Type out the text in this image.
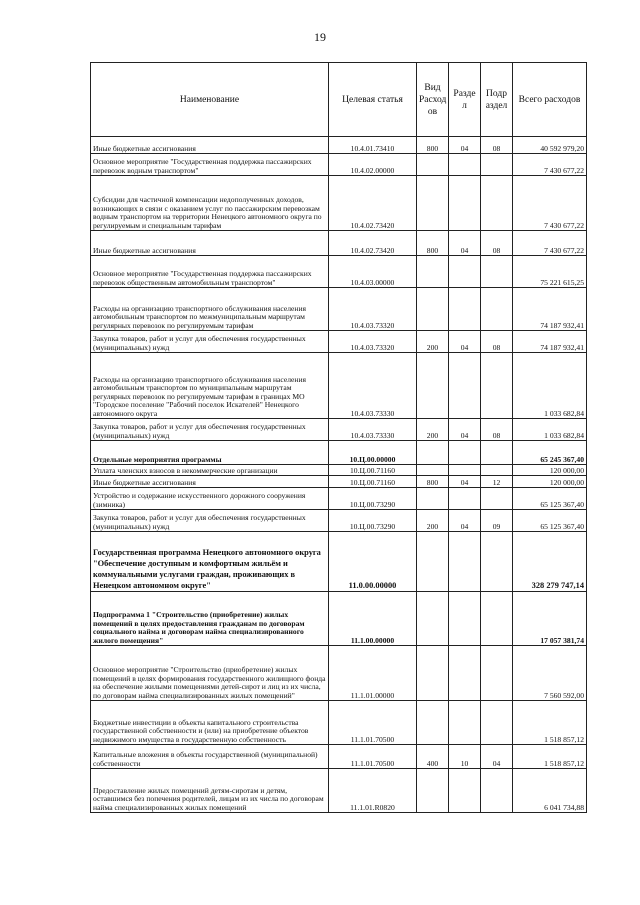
19
Наименование	Целевая статья	Вид Расход ов	Разде л	Подр аздел	Всего расходов
Иные бюджетные ассигнования	10.4.01.73410	800	04	08	40 592 979,20
Основное мероприятие "Государственная поддержка пассажирских перевозок водным транспортом"	10.4.02.00000				7 430 677,22
Субсидии для частичной компенсации недополученных доходов, возникающих в связи с оказанием услуг по пассажирским перевозкам водным транспортом на территории Ненецкого автономного округа по регулируемым и специальным тарифам	10.4.02.73420				7 430 677,22
Иные бюджетные ассигнования	10.4.02.73420	800	04	08	7 430 677,22
Основное мероприятие "Государственная поддержка пассажирских перевозок общественным автомобильным транспортом"	10.4.03.00000				75 221 615,25
Расходы на организацию транспортного обслуживания населения автомобильным транспортом по межмуниципальным маршрутам регулярных перевозок по регулируемым тарифам	10.4.03.73320				74 187 932,41
Закупка товаров, работ и услуг для обеспечения государственных (муниципальных) нужд	10.4.03.73320	200	04	08	74 187 932,41
Расходы на организацию транспортного обслуживания населения автомобильным транспортом по муниципальным маршрутам регулярных перевозок по регулируемым тарифам в границах МО "Городское поселение "Рабочий поселок Искателей" Ненецкого автономного округа	10.4.03.73330				1 033 682,84
Закупка товаров, работ и услуг для обеспечения государственных (муниципальных) нужд	10.4.03.73330	200	04	08	1 033 682,84
Отдельные мероприятия программы	10.Ц.00.00000				65 245 367,40
Уплата членских взносов в некоммерческие организации	10.Ц.00.71160				120 000,00
Иные бюджетные ассигнования	10.Ц.00.71160	800	04	12	120 000,00
Устройство и содержание искусственного дорожного сооружения (зимника)	10.Ц.00.73290				65 125 367,40
Закупка товаров, работ и услуг для обеспечения государственных (муниципальных) нужд	10.Ц.00.73290	200	04	09	65 125 367,40
Государственная программа Ненецкого автономного округа "Обеспечение доступным и комфортным жильём и коммунальными услугами граждан, проживающих в Ненецком автономном округе"	11.0.00.00000				328 279 747,14
Подпрограмма 1 "Строительство (приобретение) жилых помещений в целях предоставления гражданам по договорам социального найма и договорам найма специализированного жилого помещения"	11.1.00.00000				17 057 381,74
Основное мероприятие "Строительство (приобретение) жилых помещений в целях формирования государственного жилищного фонда на обеспечение жилыми помещениями детей-сирот и лиц из их числа, по договорам найма специализированных жилых помещений"	11.1.01.00000				7 560 592,00
Бюджетные инвестиции в объекты капитального строительства государственной собственности и (или) на приобретение объектов недвижимого имущества в государственную собственность	11.1.01.70500				1 518 857,12
Капитальные вложения в объекты государственной (муниципальной) собственности	11.1.01.70500	400	10	04	1 518 857,12
Предоставление жилых помещений детям-сиротам и детям, оставшимся без попечения родителей, лицам из их числа по договорам найма специализированных жилых помещений	11.1.01.R0820				6 041 734,88
